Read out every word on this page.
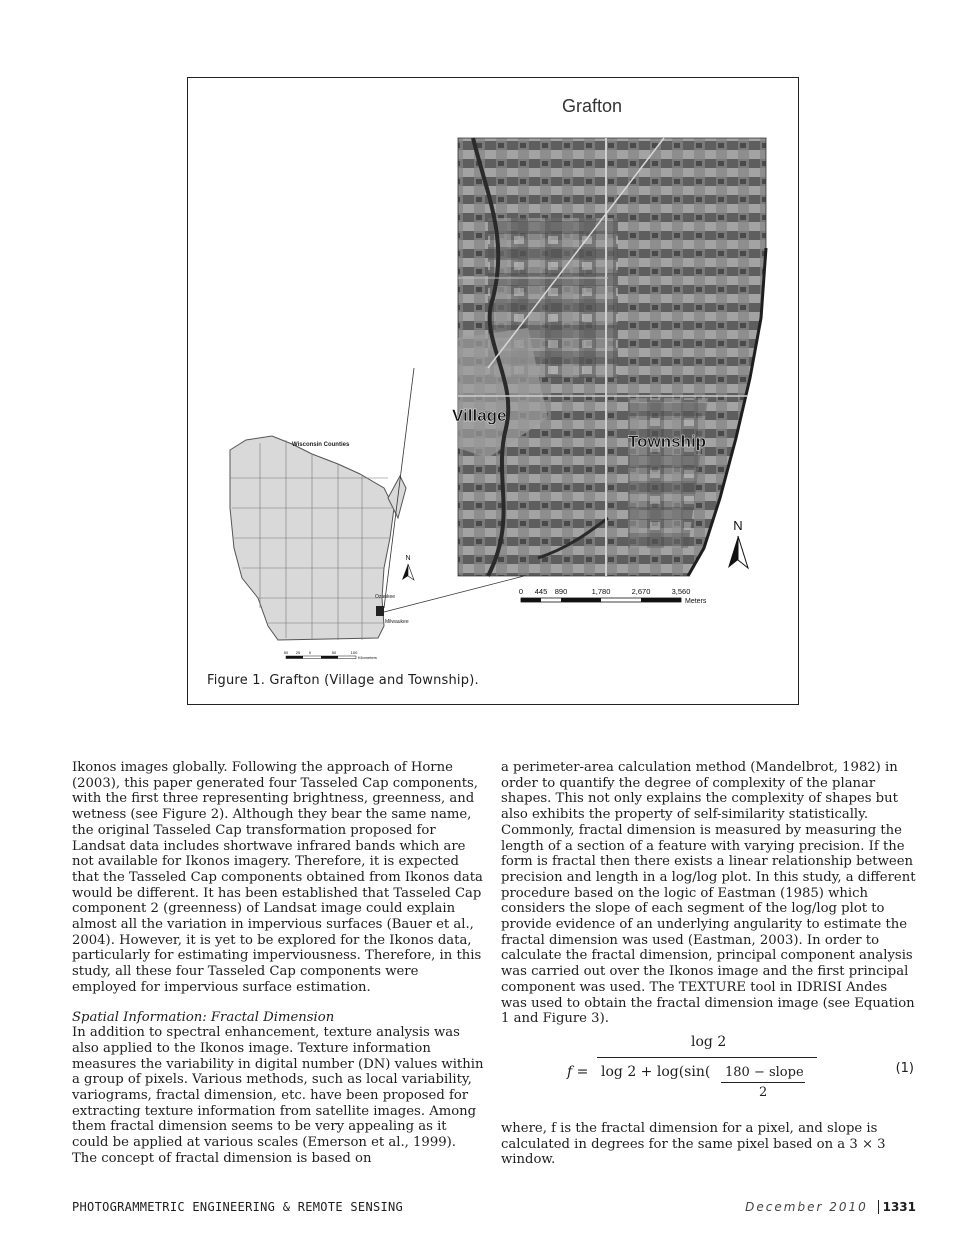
Grafton
Village
Township
Wisconsin Counties
Ozaukee
Milwaukee
N
N
0 445 890	1,780	2,670	3,560
Meters
50 25 0	50	100
Kilometers
Figure 1. Grafton (Village and Township).

Ikonos images globally. Following the approach of Horne (2003), this paper generated four Tasseled Cap components, with the first three representing brightness, greenness, and wetness (see Figure 2). Although they bear the same name, the original Tasseled Cap transformation proposed for Landsat data includes shortwave infrared bands which are not available for Ikonos imagery. Therefore, it is expected that the Tasseled Cap components obtained from Ikonos data would be different. It has been established that Tasseled Cap component 2 (greenness) of Landsat image could explain almost all the variation in impervious surfaces (Bauer et al., 2004). However, it is yet to be explored for the Ikonos data, particularly for estimating imperviousness. Therefore, in this study, all these four Tasseled Cap components were employed for impervious surface estimation.

Spatial Information: Fractal Dimension

In addition to spectral enhancement, texture analysis was also applied to the Ikonos image. Texture information measures the variability in digital number (DN) values within a group of pixels. Various methods, such as local variability, variograms, fractal dimension, etc. have been proposed for extracting texture information from satellite images. Among them fractal dimension seems to be very appealing as it could be applied at various scales (Emerson et al., 1999). The concept of fractal dimension is based on

a perimeter-area calculation method (Mandelbrot, 1982) in order to quantify the degree of complexity of the planar shapes. This not only explains the complexity of shapes but also exhibits the property of self-similarity statistically. Commonly, fractal dimension is measured by measuring the length of a section of a feature with varying precision. If the form is fractal then there exists a linear relationship between precision and length in a log/log plot. In this study, a different procedure based on the logic of Eastman (1985) which considers the slope of each segment of the log/log plot to provide evidence of an underlying angularity to estimate the fractal dimension was used (Eastman, 2003). In order to calculate the fractal dimension, principal component analysis was carried out over the Ikonos image and the first principal component was used. The TEXTURE tool in IDRISI Andes was used to obtain the fractal dimension image (see Equation 1 and Figure 3).

f =
log 2
log 2 + log(sin( 180 − slope
2
(1)

where, f is the fractal dimension for a pixel, and slope is calculated in degrees for the same pixel based on a 3 × 3 window.

PHOTOGRAMMETRIC ENGINEERING & REMOTE SENSING	December 2010 1331
